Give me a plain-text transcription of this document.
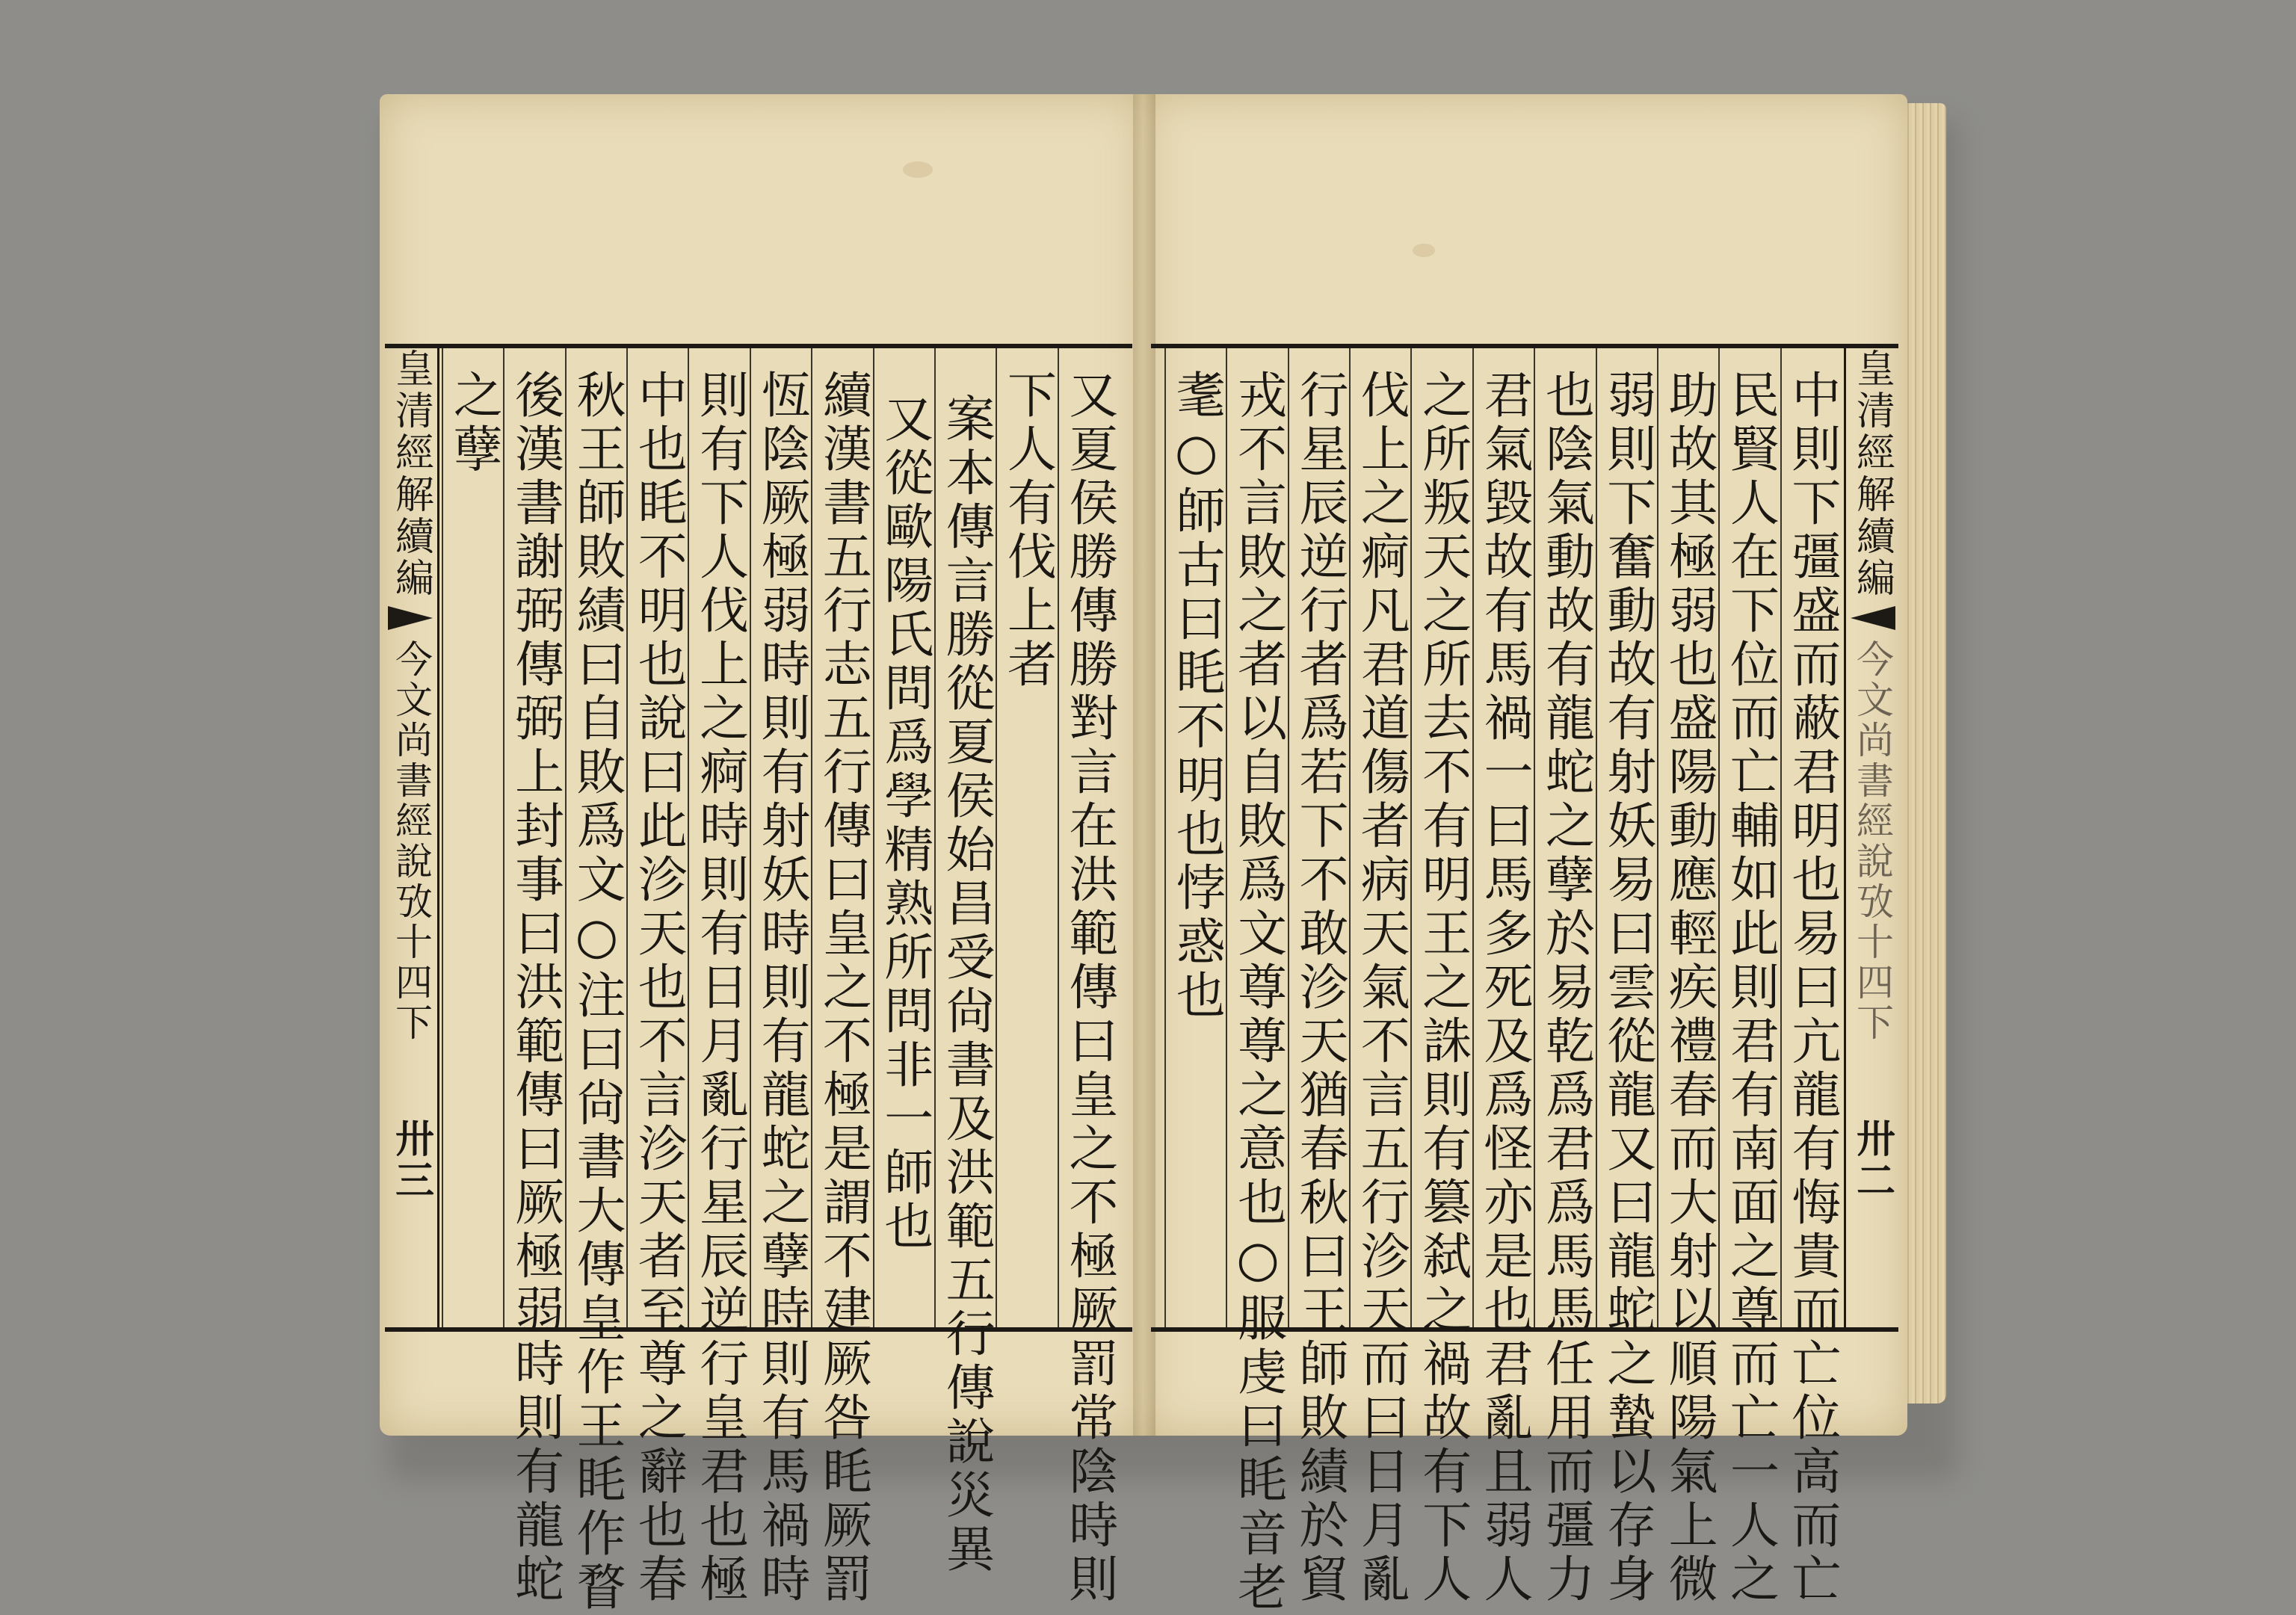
皇清經解續編
今文尚書經說攷十四下
卅三	又夏侯勝傳勝對言在洪範傳曰皇之不極厥罰常陰時則
下人有伐上者
案本傳言勝從夏侯始昌受尙書及洪範五行傳說災異
又從歐陽氏問爲學精熟所問非一師也
續漢書五行志五行傳曰皇之不極是謂不建厥咎眊厥罰
恆陰厥極弱時則有射妖時則有龍蛇之孽時則有馬禍時
則有下人伐上之痾時則有日月亂行星辰逆行皇君也極
中也眊不明也說曰此沴天也不言沴天者至尊之辭也春
秋王師敗績曰自敗爲文○注曰尙書大傳皇作王眊作瞀
後漢書謝弼傳弼上封事曰洪範傳曰厥極弱時則有龍蛇
之孽	中則下彊盛而蔽君明也易曰亢龍有悔貴而亡位高而亡
民賢人在下位而亡輔如此則君有南面之尊而亡一人之
助故其極弱也盛陽動應輕疾禮春而大射以順陽氣上微
弱則下奮動故有射妖易曰雲從龍又曰龍蛇之蟄以存身
也陰氣動故有龍蛇之孽於易乾爲君爲馬馬任用而彊力
君氣毀故有馬禍一曰馬多死及爲怪亦是也君亂且弱人
之所叛天之所去不有明王之誅則有篡弑之禍故有下人
伐上之痾凡君道傷者病天氣不言五行沴天而曰日月亂
行星辰逆行者爲若下不敢沴天猶春秋曰王師敗績於貿
戎不言敗之者以自敗爲文尊尊之意也○服虔曰眊音老
耄○師古曰眊不明也悖惑也	皇清經解續編
今文尚書經說攷十四下
卅二
